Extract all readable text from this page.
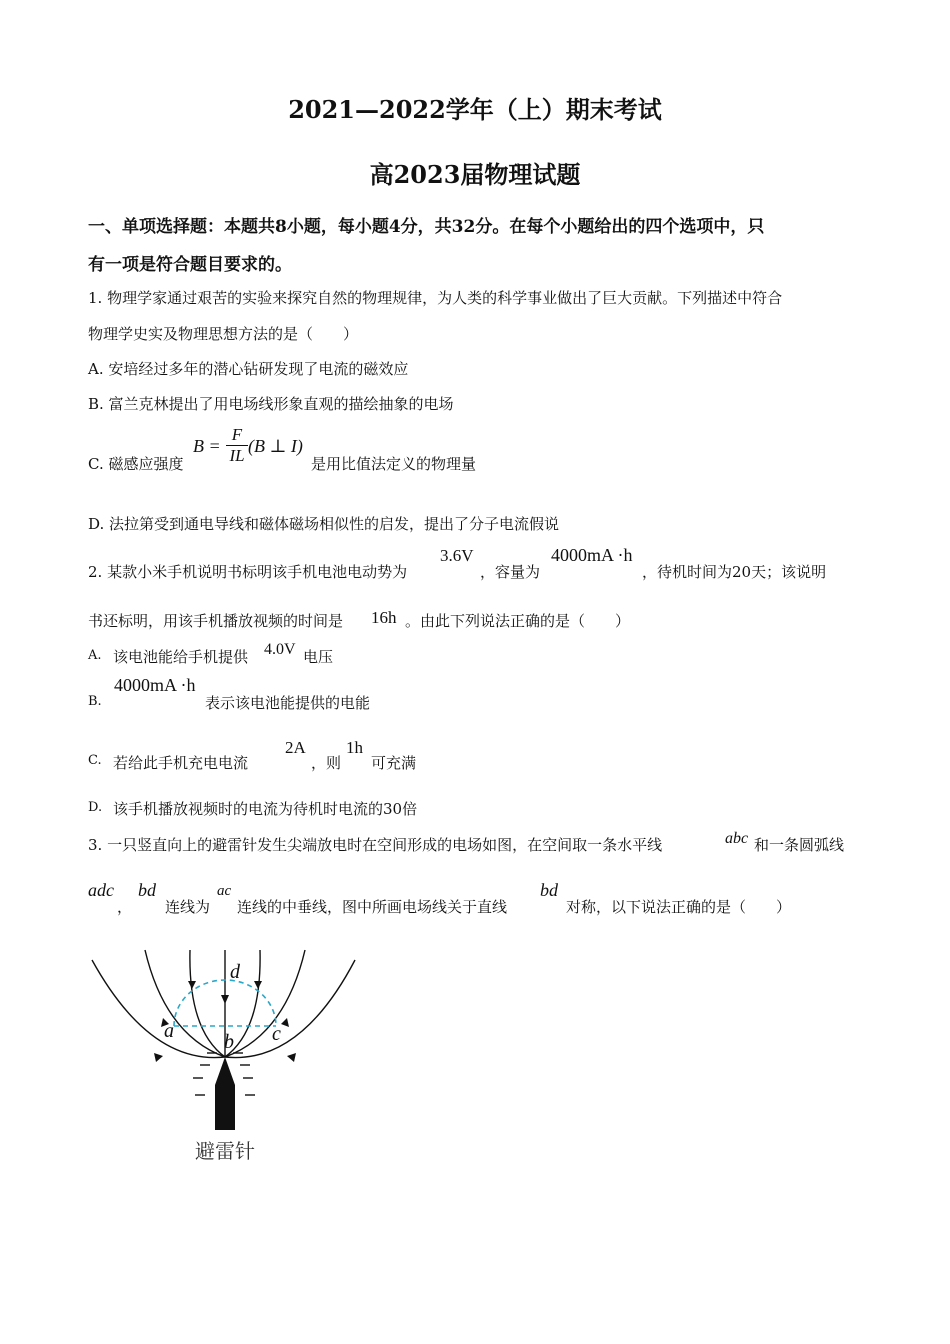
2021—2022学年（上）期末考试
高2023届物理试题
一、单项选择题：本题共8小题，每小题4分，共32分。在每个小题给出的四个选项中，只
有一项是符合题目要求的。
1. 物理学家通过艰苦的实验来探究自然的物理规律，为人类的科学事业做出了巨大贡献。下列描述中符合
物理学史实及物理思想方法的是（　　）
A. 安培经过多年的潜心钻研发现了电流的磁效应
B. 富兰克林提出了用电场线形象直观的描绘抽象的电场
C. 磁感应强度
$B = \frac{F}{IL} (B$ ⊥ I)
是用比值法定义的物理量
D. 法拉第受到通电导线和磁体磁场相似性的启发，提出了分子电流假说
2. 某款小米手机说明书标明该手机电池电动势为
3.6V
，容量为
4000mA ·h
，待机时间为20天；该说明
书还标明，用该手机播放视频的时间是 16h 。由此下列说法正确的是（　　）
A. 该电池能给手机提供 4.0V 电压
B.
4000mA ·h
表示该电池能提供的电能
C. 若给此手机充电电流
2A
，则
1h
可充满
D. 该手机播放视频时的电流为待机时电流的30倍
3. 一只竖直向上的避雷针发生尖端放电时在空间形成的电场如图，在空间取一条水平线	abc 和一条圆弧线
adc
，
bd
连线为
ac
连线的中垂线，图中所画电场线关于直线
bd
对称，以下说法正确的是（　　）
d
a	b c
避雷针
